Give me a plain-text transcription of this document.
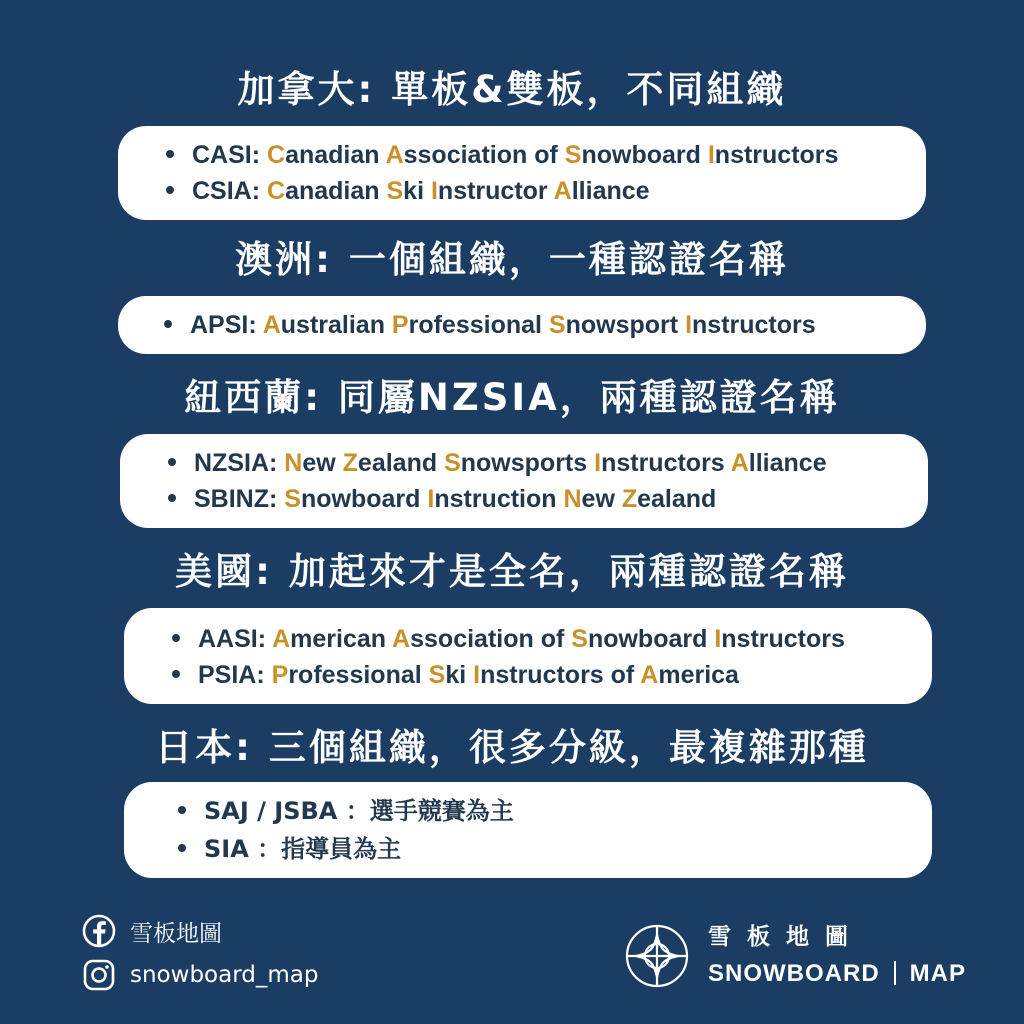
加拿大: 單板&雙板，不同組織
CASI: Canadian Association of Snowboard Instructors
CSIA: Canadian Ski Instructor Alliance
澳洲: 一個組織，一種認證名稱
APSI: Australian Professional Snowsport Instructors
紐西蘭: 同屬NZSIA，兩種認證名稱
NZSIA: New Zealand Snowsports Instructors Alliance
SBINZ: Snowboard Instruction New Zealand
美國: 加起來才是全名，兩種認證名稱
AASI: American Association of Snowboard Instructors
PSIA: Professional Ski Instructors of America
日本: 三個組織，很多分級，最複雜那種
SAJ / JSBA ：選手競賽為主
SIA ：指導員為主
雪板地圖
snowboard_map
雪板地圖
SNOWBOARD MAP
